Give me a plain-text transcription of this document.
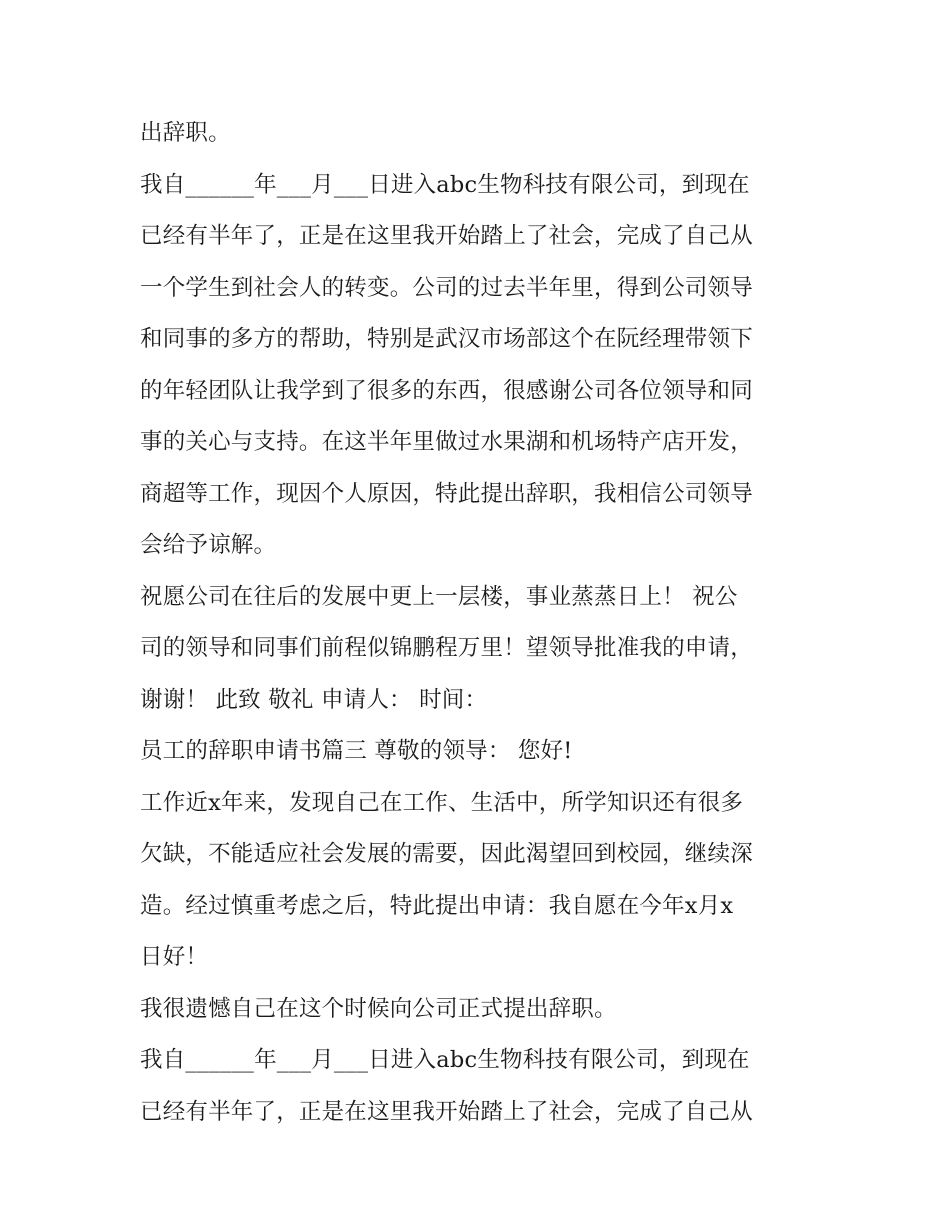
出辞职。
我自______年___月___日进入abc生物科技有限公司，到现在
已经有半年了，正是在这里我开始踏上了社会，完成了自己从
一个学生到社会人的转变。公司的过去半年里，得到公司领导
和同事的多方的帮助，特别是武汉市场部这个在阮经理带领下
的年轻团队让我学到了很多的东西，很感谢公司各位领导和同
事的关心与支持。在这半年里做过水果湖和机场特产店开发，
商超等工作，现因个人原因，特此提出辞职，我相信公司领导
会给予谅解。
祝愿公司在往后的发展中更上一层楼，事业蒸蒸日上！ 祝公
司的领导和同事们前程似锦鹏程万里！望领导批准我的申请，
谢谢！ 此致 敬礼 申请人： 时间：
员工的辞职申请书篇三 尊敬的领导： 您好!
工作近x年来，发现自己在工作、生活中，所学知识还有很多
欠缺，不能适应社会发展的需要，因此渴望回到校园，继续深
造。经过慎重考虑之后，特此提出申请：我自愿在今年x月x
日好！
我很遗憾自己在这个时候向公司正式提出辞职。
我自______年___月___日进入abc生物科技有限公司，到现在
已经有半年了，正是在这里我开始踏上了社会，完成了自己从
